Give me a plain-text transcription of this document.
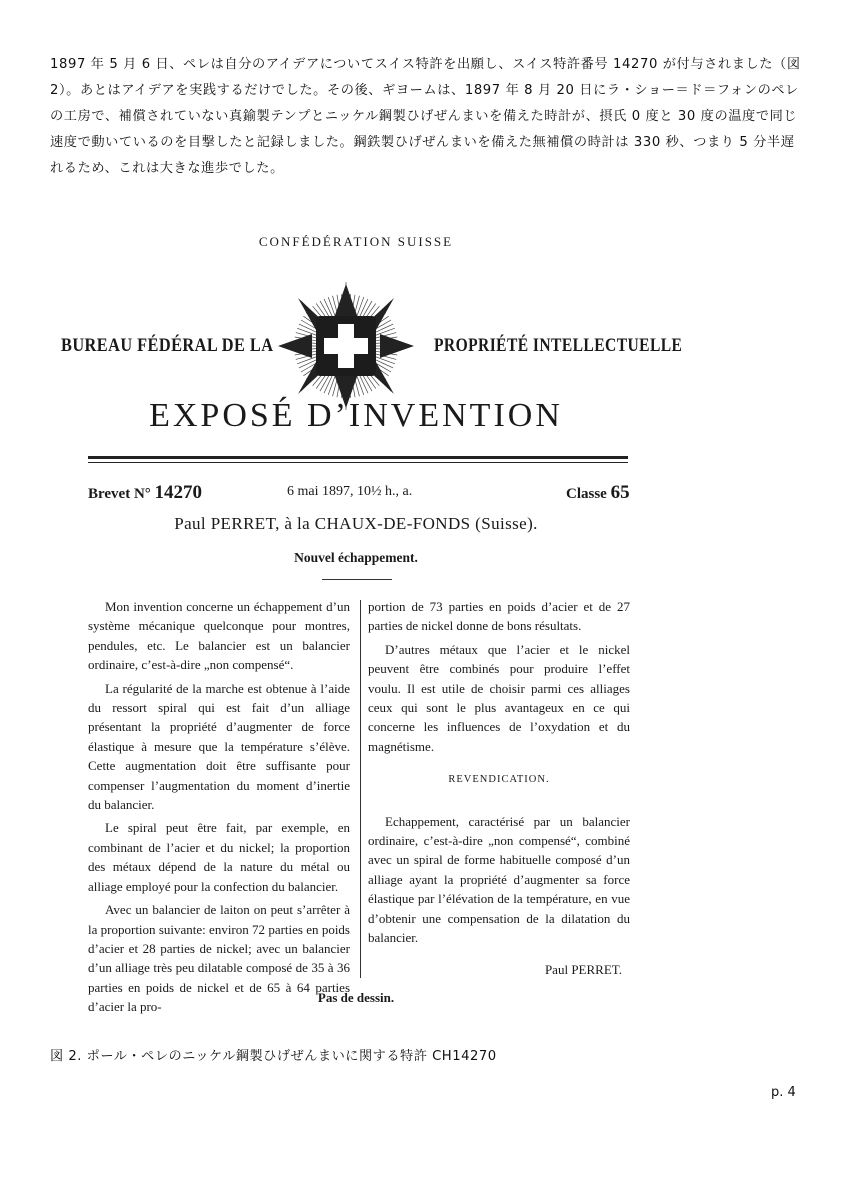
1897 年 5 月 6 日、ペレは自分のアイデアについてスイス特許を出願し、スイス特許番号 14270 が付与されました（図 2）。あとはアイデアを実践するだけでした。その後、ギヨームは、1897 年 8 月 20 日にラ・ショー＝ド＝フォンのペレの工房で、補償されていない真鍮製テンプとニッケル鋼製ひげぜんまいを備えた時計が、摂氏 0 度と 30 度の温度で同じ速度で動いているのを目撃したと記録しました。鋼鉄製ひげぜんまいを備えた無補償の時計は 330 秒、つまり 5 分半遅れるため、これは大きな進歩でした。
CONFÉDÉRATION SUISSE
BUREAU FÉDÉRAL DE LA	PROPRIÉTÉ INTELLECTUELLE
EXPOSÉ D’INVENTION
Brevet N° 14270	6 mai 1897, 10½ h., a.	Classe 65
Paul PERRET, à la CHAUX-DE-FONDS (Suisse).
Nouvel échappement.

Mon invention concerne un échappement d’un système mécanique quelconque pour montres, pendules, etc. Le balancier est un balancier ordinaire, c’est-à-dire „non compensé“.

La régularité de la marche est obtenue à l’aide du ressort spiral qui est fait d’un alliage présentant la propriété d’augmenter de force élastique à mesure que la température s’élève. Cette augmentation doit être suffisante pour compenser l’augmentation du moment d’inertie du balancier.

Le spiral peut être fait, par exemple, en combinant de l’acier et du nickel; la proportion des métaux dépend de la nature du métal ou alliage employé pour la confection du balancier.

Avec un balancier de laiton on peut s’arrêter à la proportion suivante: environ 72 parties en poids d’acier et 28 parties de nickel; avec un balancier d’un alliage très peu dilatable composé de 35 à 36 parties en poids de nickel et de 65 à 64 parties d’acier la pro-

portion de 73 parties en poids d’acier et de 27 parties de nickel donne de bons résultats.

D’autres métaux que l’acier et le nickel peuvent être combinés pour produire l’effet voulu. Il est utile de choisir parmi ces alliages ceux qui sont le plus avantageux en ce qui concerne les influences de l’oxydation et du magnétisme.

REVENDICATION.

Echappement, caractérisé par un balancier ordinaire, c’est-à-dire „non compensé“, combiné avec un spiral de forme habituelle composé d’un alliage ayant la propriété d’augmenter sa force élastique par l’élévation de la température, en vue d’obtenir une compensation de la dilatation du balancier.

Paul PERRET.
Pas de dessin.
図 2. ポール・ペレのニッケル鋼製ひげぜんまいに関する特許 CH14270
p. 4
